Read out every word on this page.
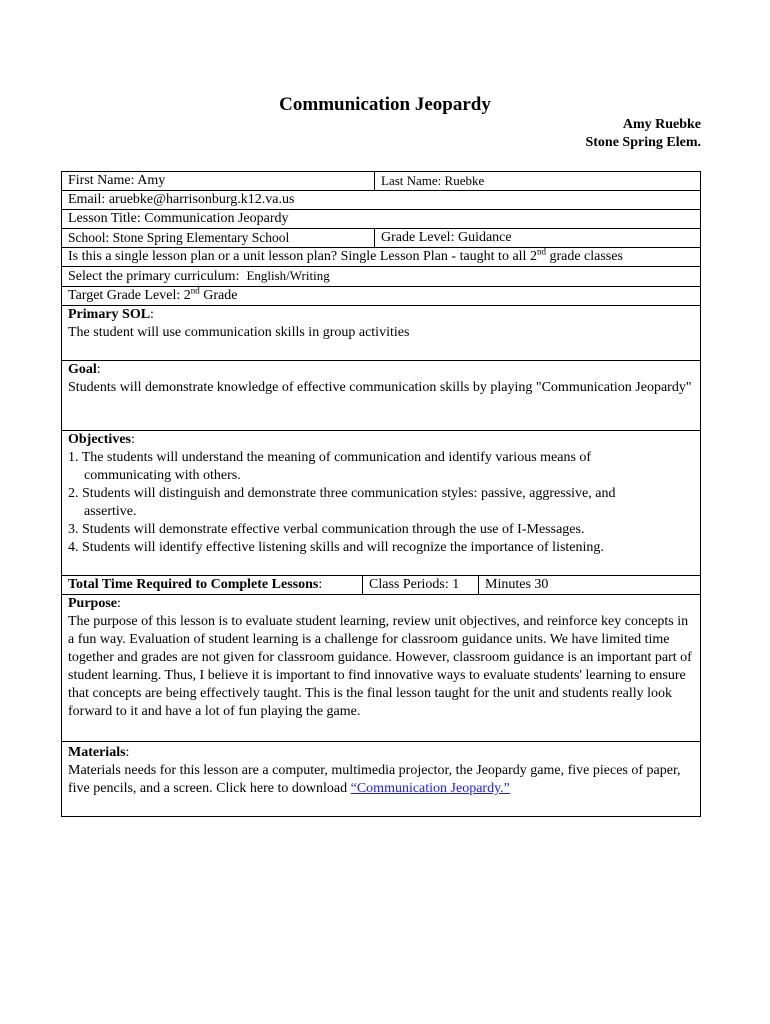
Communication Jeopardy
Amy Ruebke
Stone Spring Elem.
First Name: Amy	Last Name: Ruebke
Email: aruebke@harrisonburg.k12.va.us
Lesson Title: Communication Jeopardy
School: Stone Spring Elementary School	Grade Level: Guidance
Is this a single lesson plan or a unit lesson plan? Single Lesson Plan - taught to all 2nd grade classes
Select the primary curriculum: English/Writing
Target Grade Level: 2nd Grade
Primary SOL:
The student will use communication skills in group activities
Goal:
Students will demonstrate knowledge of effective communication skills by playing "Communication Jeopardy"
Objectives:
1. The students will understand the meaning of communication and identify various means of
communicating with others.
2. Students will distinguish and demonstrate three communication styles: passive, aggressive, and
assertive.
3. Students will demonstrate effective verbal communication through the use of I-Messages.
4. Students will identify effective listening skills and will recognize the importance of listening.
Total Time Required to Complete Lessons:	Class Periods: 1	Minutes 30
Purpose:
The purpose of this lesson is to evaluate student learning, review unit objectives, and reinforce key concepts in a fun way. Evaluation of student learning is a challenge for classroom guidance units. We have limited time together and grades are not given for classroom guidance. However, classroom guidance is an important part of student learning. Thus, I believe it is important to find innovative ways to evaluate students' learning to ensure that concepts are being effectively taught. This is the final lesson taught for the unit and students really look forward to it and have a lot of fun playing the game.
Materials:
Materials needs for this lesson are a computer, multimedia projector, the Jeopardy game, five pieces of paper, five pencils, and a screen. Click here to download “Communication Jeopardy.”
